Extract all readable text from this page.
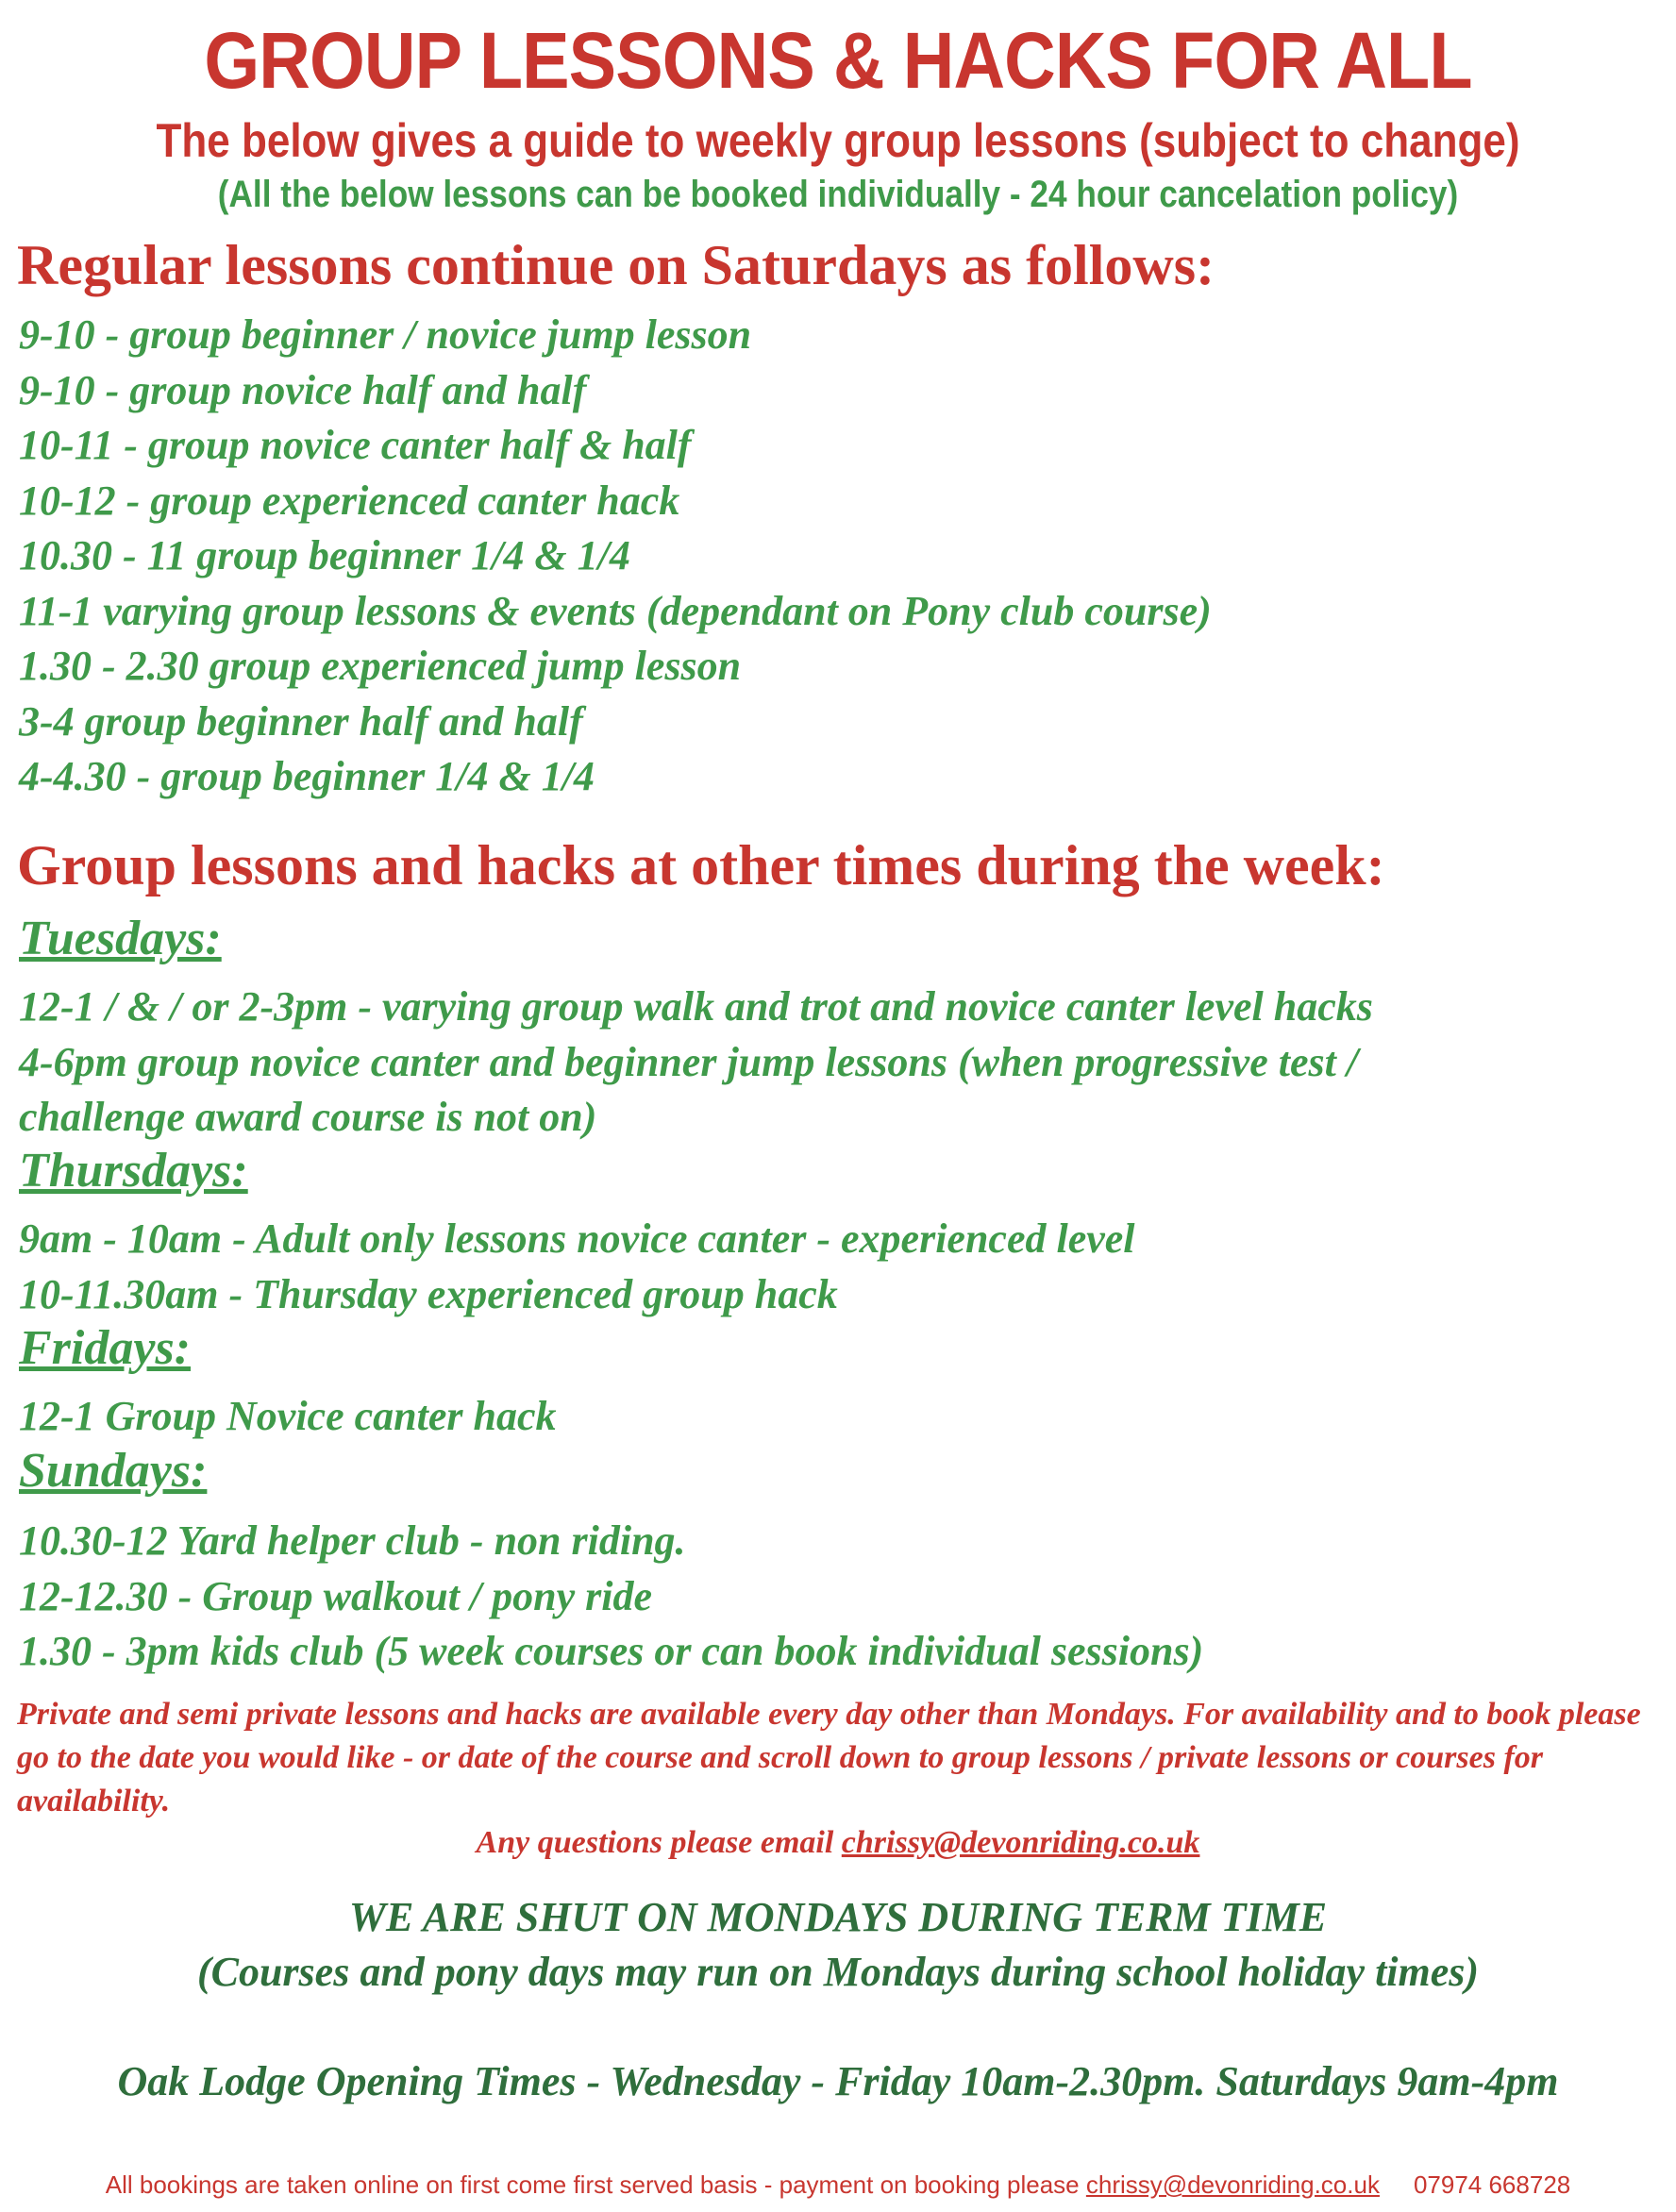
GROUP LESSONS & HACKS FOR ALL
The below gives a guide to weekly group lessons (subject to change)
(All the below lessons can be booked individually - 24 hour cancelation policy)
Regular lessons continue on Saturdays as follows:
9-10 - group beginner / novice jump lesson
9-10 - group novice half and half
10-11 - group novice canter half & half
10-12 - group experienced canter hack
10.30 - 11 group beginner 1/4 & 1/4
11-1 varying group lessons & events (dependant on Pony club course)
1.30 - 2.30 group experienced jump lesson
3-4 group beginner half and half
4-4.30 - group beginner 1/4 & 1/4
Group lessons and hacks at other times during the week:
Tuesdays:
12-1 / & / or 2-3pm - varying group walk and trot and novice canter level hacks
4-6pm group novice canter and beginner jump lessons (when progressive test /
challenge award course is not on)
Thursdays:
9am - 10am - Adult only lessons novice canter - experienced level
10-11.30am - Thursday experienced group hack
Fridays:
12-1 Group Novice canter hack
Sundays:
10.30-12 Yard helper club - non riding.
12-12.30 - Group walkout / pony ride
1.30 - 3pm kids club (5 week courses or can book individual sessions)

Private and semi private lessons and hacks are available every day other than Mondays. For availability and to book please go to the date you would like - or date of the course and scroll down to group lessons / private lessons or courses for availability.

Any questions please email chrissy@devonriding.co.uk
WE ARE SHUT ON MONDAYS DURING TERM TIME
(Courses and pony days may run on Mondays during school holiday times)
Oak Lodge Opening Times - Wednesday - Friday 10am-2.30pm. Saturdays 9am-4pm
All bookings are taken online on first come first served basis - payment on booking please chrissy@devonriding.co.uk 07974 668728
